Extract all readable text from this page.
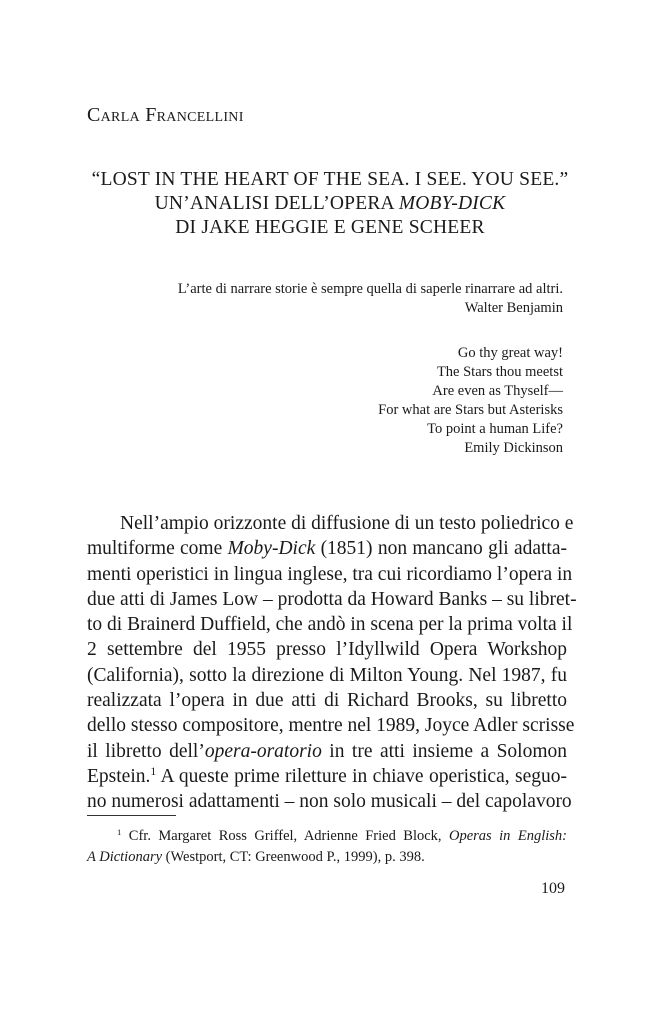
Carla Francellini
“LOST IN THE HEART OF THE SEA. I SEE. YOU SEE.”
UN’ANALISI DELL’OPERA MOBY-DICK
DI JAKE HEGGIE E GENE SCHEER
L’arte di narrare storie è sempre quella di saperle rinarrare ad altri.
Walter Benjamin
Go thy great way!
The Stars thou meetst
Are even as Thyself—
For what are Stars but Asterisks
To point a human Life?
Emily Dickinson
Nell’ampio orizzonte di diffusione di un testo poliedrico e
multiforme come Moby-Dick (1851) non mancano gli adatta-
menti operistici in lingua inglese, tra cui ricordiamo l’opera in
due atti di James Low – prodotta da Howard Banks – su libret-
to di Brainerd Duffield, che andò in scena per la prima volta il
2 settembre del 1955 presso l’Idyllwild Opera Workshop
(California), sotto la direzione di Milton Young. Nel 1987, fu
realizzata l’opera in due atti di Richard Brooks, su libretto
dello stesso compositore, mentre nel 1989, Joyce Adler scrisse
il libretto dell’opera-oratorio in tre atti insieme a Solomon
Epstein.$^1$ A queste prime riletture in chiave operistica, seguo-
no numerosi adattamenti – non solo musicali – del capolavoro
$^1$ Cfr. Margaret Ross Griffel, Adrienne Fried Block, Operas in English:
A Dictionary (Westport, CT: Greenwood P., 1999), p. 398.
109
